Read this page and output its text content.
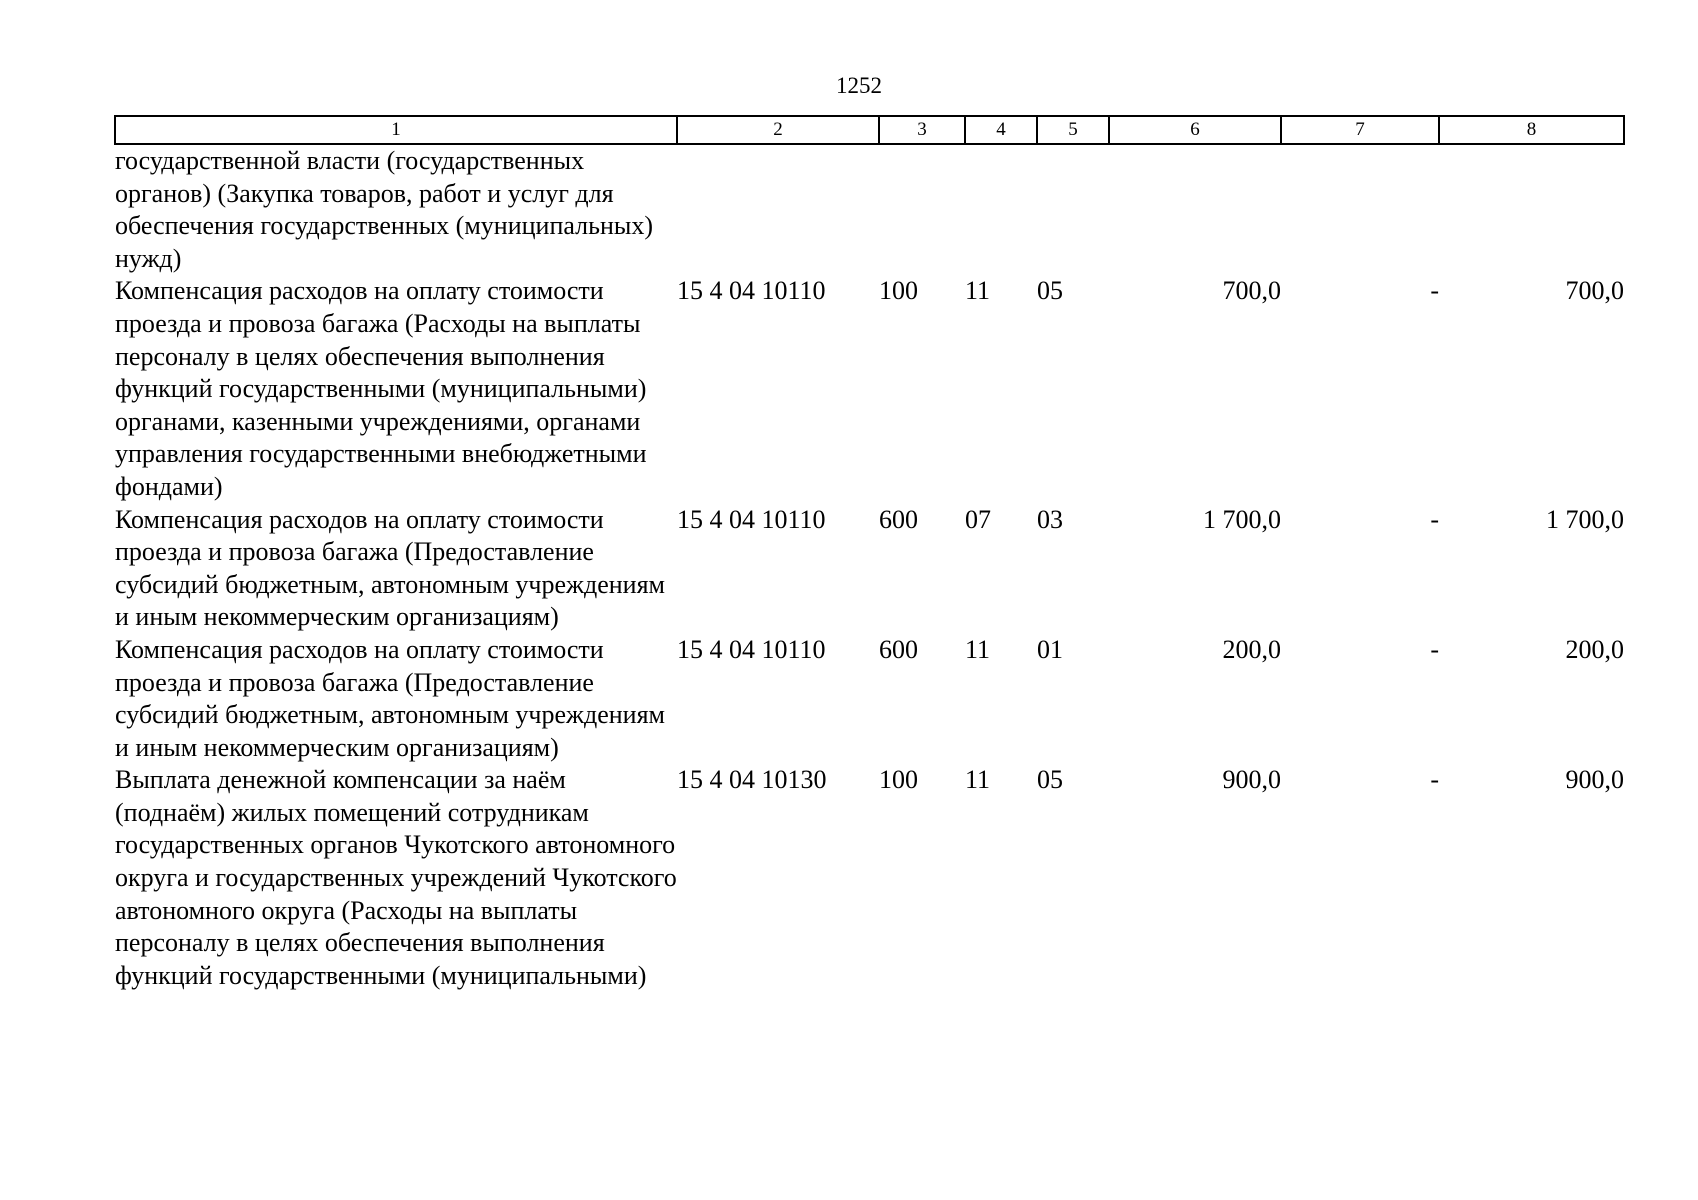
1252
1	2	3	4	5	6	7	8
государственной власти (государственных органов) (Закупка товаров, работ и услуг для обеспечения государственных (муниципальных) нужд)							
Компенсация расходов на оплату стоимости проезда и провоза багажа (Расходы на выплаты персоналу в целях обеспечения выполнения функций государственными (муниципальными) органами, казенными учреждениями, органами управления государственными внебюджетными фондами)	15 4 04 10110	100	11	05	700,0	-	700,0
Компенсация расходов на оплату стоимости проезда и провоза багажа (Предоставление субсидий бюджетным, автономным учреждениям и иным некоммерческим организациям)	15 4 04 10110	600	07	03	1 700,0	-	1 700,0
Компенсация расходов на оплату стоимости проезда и провоза багажа (Предоставление субсидий бюджетным, автономным учреждениям и иным некоммерческим организациям)	15 4 04 10110	600	11	01	200,0	-	200,0
Выплата денежной компенсации за наём (поднаём) жилых помещений сотрудникам государственных органов Чукотского автономного округа и государственных учреждений Чукотского автономного округа (Расходы на выплаты персоналу в целях обеспечения выполнения функций государственными (муниципальными)	15 4 04 10130	100	11	05	900,0	-	900,0
